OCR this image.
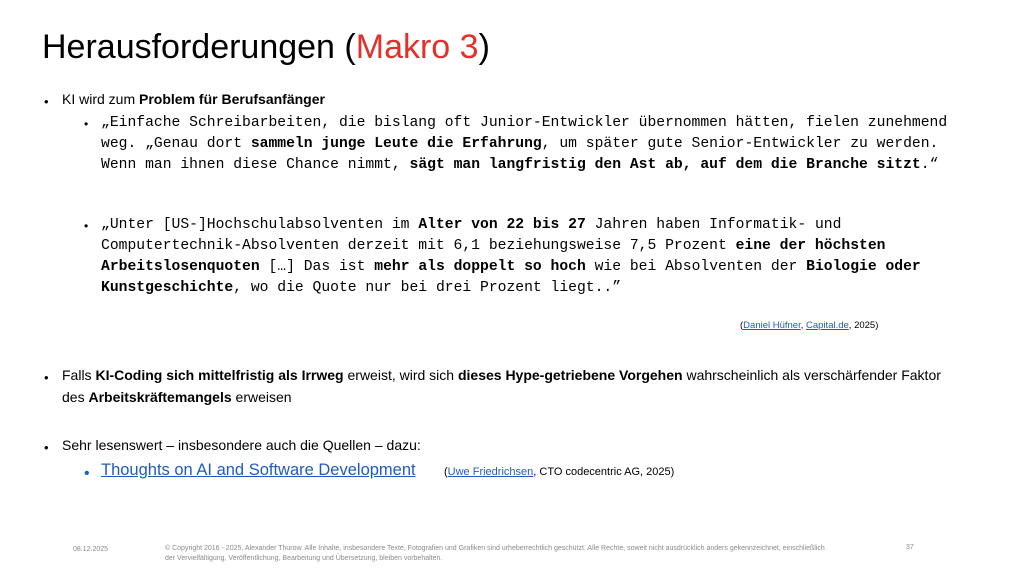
Herausforderungen (Makro 3)
• KI wird zum Problem für Berufsanfänger
• „Einfache Schreibarbeiten, die bislang oft Junior-Entwickler übernommen hätten, fielen zunehmend weg. „Genau dort sammeln junge Leute die Erfahrung, um später gute Senior-Entwickler zu werden. Wenn man ihnen diese Chance nimmt, sägt man langfristig den Ast ab, auf dem die Branche sitzt.“
• „Unter [US-]Hochschulabsolventen im Alter von 22 bis 27 Jahren haben Informatik- und Computertechnik-Absolventen derzeit mit 6,1 beziehungsweise 7,5 Prozent eine der höchsten Arbeitslosenquoten […] Das ist mehr als doppelt so hoch wie bei Absolventen der Biologie oder Kunstgeschichte, wo die Quote nur bei drei Prozent liegt..”
(Daniel Hüfner, Capital.de, 2025)
• Falls KI-Coding sich mittelfristig als Irrweg erweist, wird sich dieses Hype-getriebene Vorgehen wahrscheinlich als verschärfender Faktor des Arbeitskräftemangels erweisen
• Sehr lesenswert – insbesondere auch die Quellen – dazu:
• Thoughts on AI and Software Development	(Uwe Friedrichsen, CTO codecentric AG, 2025)
08.12.2025	© Copyright 2016 - 2025, Alexander Thurow. Alle Inhalte, insbesondere Texte, Fotografien und Grafiken sind urheberrechtlich geschützt. Alle Rechte, soweit nicht ausdrücklich anders gekennzeichnet, einschließlich der Vervielfältigung, Veröffentlichung, Bearbeitung und Übersetzung, bleiben vorbehalten.
37
